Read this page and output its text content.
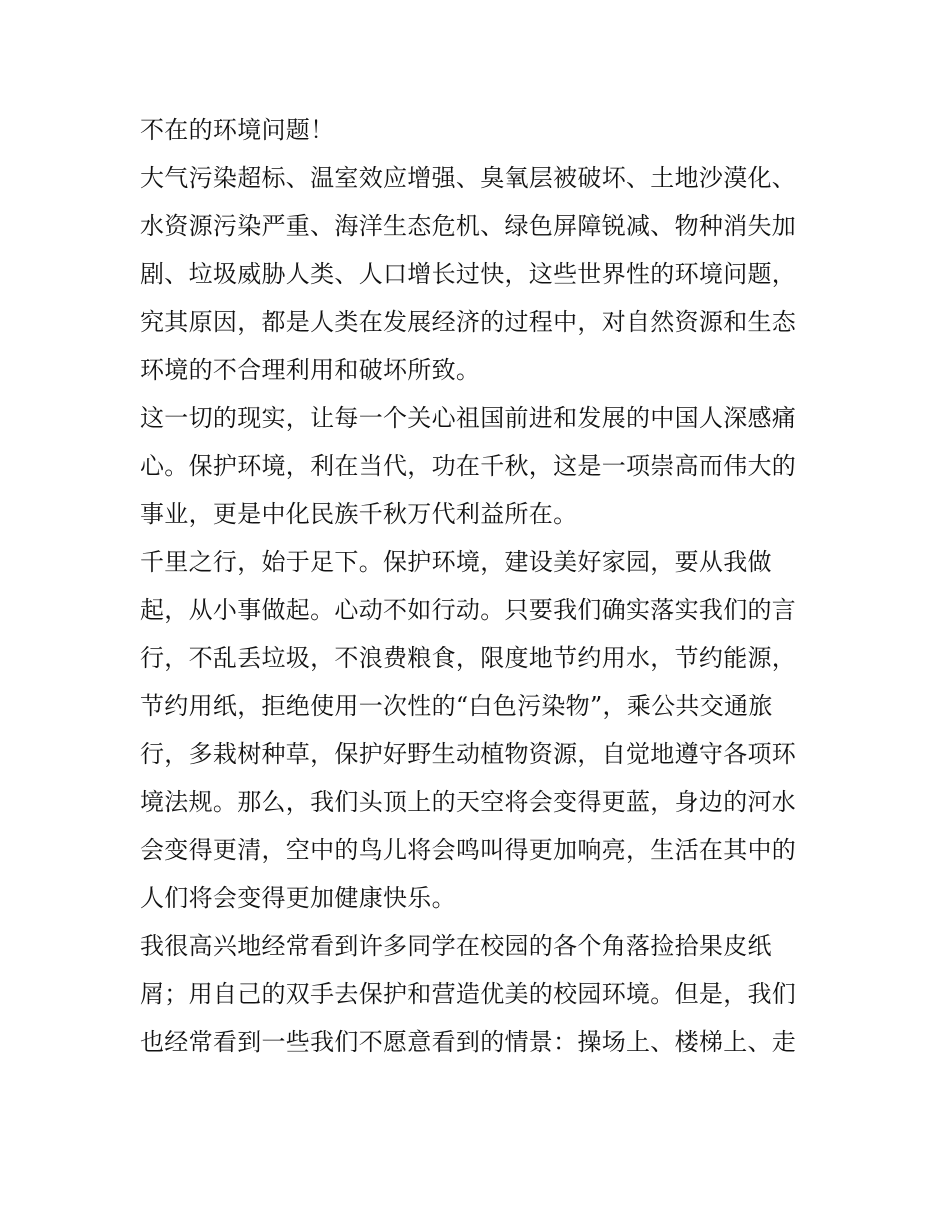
不在的环境问题！
大气污染超标、温室效应增强、臭氧层被破坏、土地沙漠化、
水资源污染严重、海洋生态危机、绿色屏障锐减、物种消失加
剧、垃圾威胁人类、人口增长过快，这些世界性的环境问题，
究其原因，都是人类在发展经济的过程中，对自然资源和生态
环境的不合理利用和破坏所致。
这一切的现实，让每一个关心祖国前进和发展的中国人深感痛
心。保护环境，利在当代，功在千秋，这是一项崇高而伟大的
事业，更是中化民族千秋万代利益所在。
千里之行，始于足下。保护环境，建设美好家园，要从我做
起，从小事做起。心动不如行动。只要我们确实落实我们的言
行，不乱丢垃圾，不浪费粮食，限度地节约用水，节约能源，
节约用纸，拒绝使用一次性的“白色污染物”，乘公共交通旅
行，多栽树种草，保护好野生动植物资源，自觉地遵守各项环
境法规。那么，我们头顶上的天空将会变得更蓝，身边的河水
会变得更清，空中的鸟儿将会鸣叫得更加响亮，生活在其中的
人们将会变得更加健康快乐。
我很高兴地经常看到许多同学在校园的各个角落捡拾果皮纸
屑；用自己的双手去保护和营造优美的校园环境。但是，我们
也经常看到一些我们不愿意看到的情景：操场上、楼梯上、走
